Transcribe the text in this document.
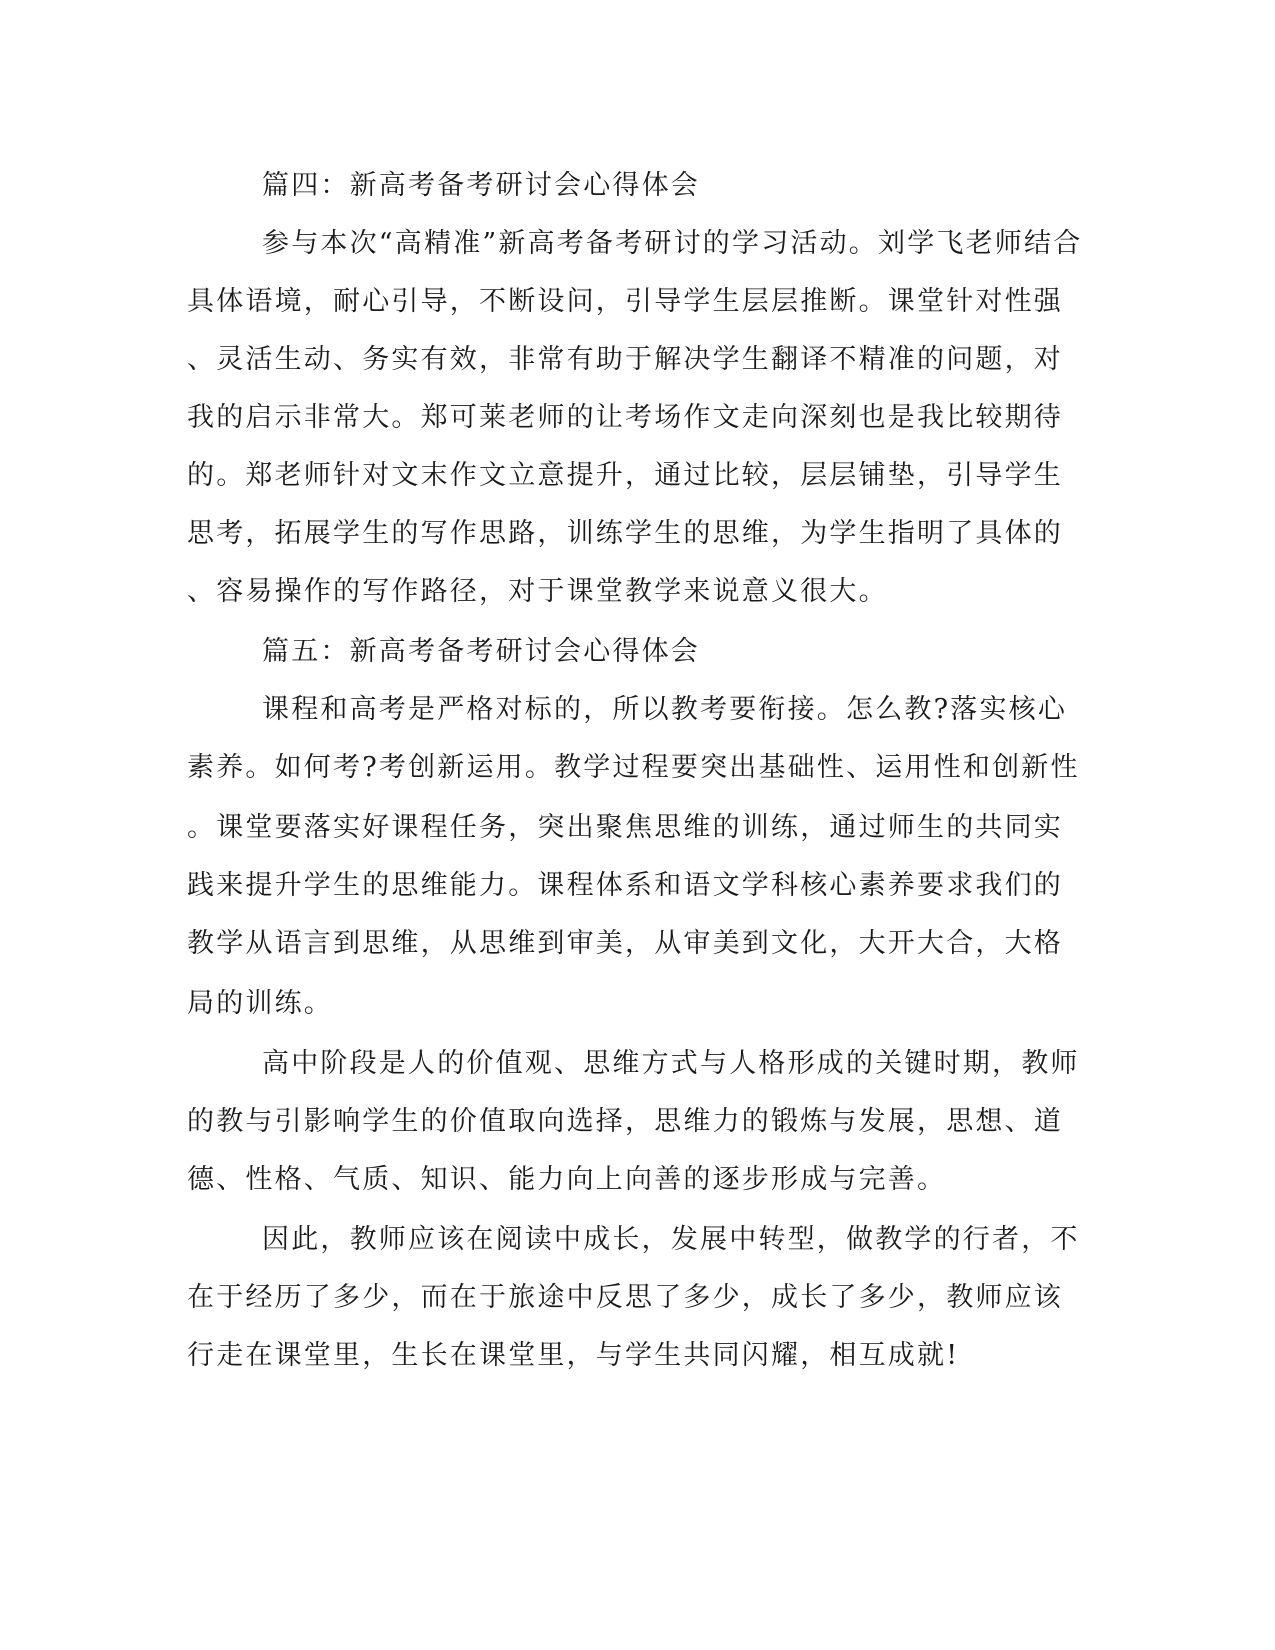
篇四：新高考备考研讨会心得体会
参与本次“高精准”新高考备考研讨的学习活动。刘学飞老师结合
具体语境，耐心引导，不断设问，引导学生层层推断。课堂针对性强
、灵活生动、务实有效，非常有助于解决学生翻译不精准的问题，对
我的启示非常大。郑可莱老师的让考场作文走向深刻也是我比较期待
的。郑老师针对文末作文立意提升，通过比较，层层铺垫，引导学生
思考，拓展学生的写作思路，训练学生的思维，为学生指明了具体的
、容易操作的写作路径，对于课堂教学来说意义很大。
篇五：新高考备考研讨会心得体会
课程和高考是严格对标的，所以教考要衔接。怎么教?落实核心
素养。如何考?考创新运用。教学过程要突出基础性、运用性和创新性
。课堂要落实好课程任务，突出聚焦思维的训练，通过师生的共同实
践来提升学生的思维能力。课程体系和语文学科核心素养要求我们的
教学从语言到思维，从思维到审美，从审美到文化，大开大合，大格
局的训练。
高中阶段是人的价值观、思维方式与人格形成的关键时期，教师
的教与引影响学生的价值取向选择，思维力的锻炼与发展，思想、道
德、性格、气质、知识、能力向上向善的逐步形成与完善。
因此，教师应该在阅读中成长，发展中转型，做教学的行者，不
在于经历了多少，而在于旅途中反思了多少，成长了多少，教师应该
行走在课堂里，生长在课堂里，与学生共同闪耀，相互成就!
